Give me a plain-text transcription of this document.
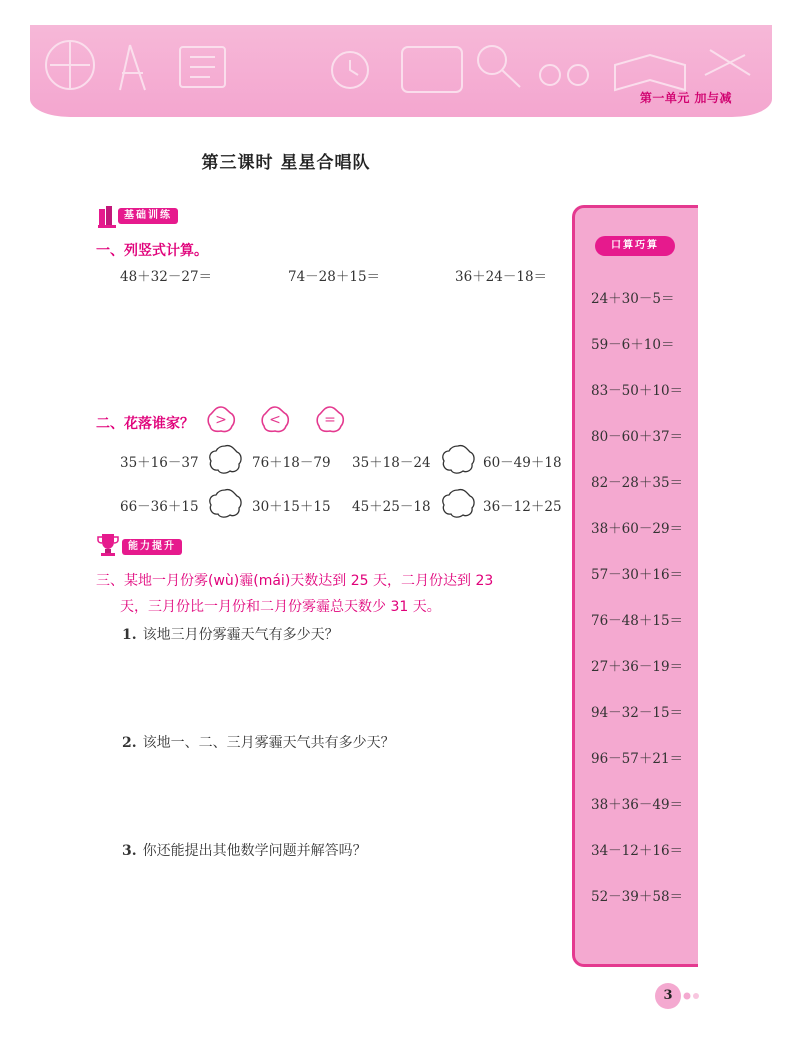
第一单元 加与减
第三课时 星星合唱队
基础训练
一、列竖式计算。
48＋32－27＝	74－28＋15＝	36＋24－18＝
二、花落谁家？ >	<	=
35＋16－37	76＋18－79 35＋18－24	60－49＋18
66－36＋15	30＋15＋15 45＋25－18	36－12＋25
能力提升
三、某地一月份雾(wù)霾(mái)天数达到 25 天，二月份达到 23
天，三月份比一月份和二月份雾霾总天数少 31 天。
1. 该地三月份雾霾天气有多少天？
2. 该地一、二、三月雾霾天气共有多少天？
3. 你还能提出其他数学问题并解答吗？
口算巧算
24＋30－5＝
59－6＋10＝
83－50＋10＝
80－60＋37＝
82－28＋35＝
38＋60－29＝
57－30＋16＝
76－48＋15＝
27＋36－19＝
94－32－15＝
96－57＋21＝
38＋36－49＝
34－12＋16＝
52－39＋58＝
3
